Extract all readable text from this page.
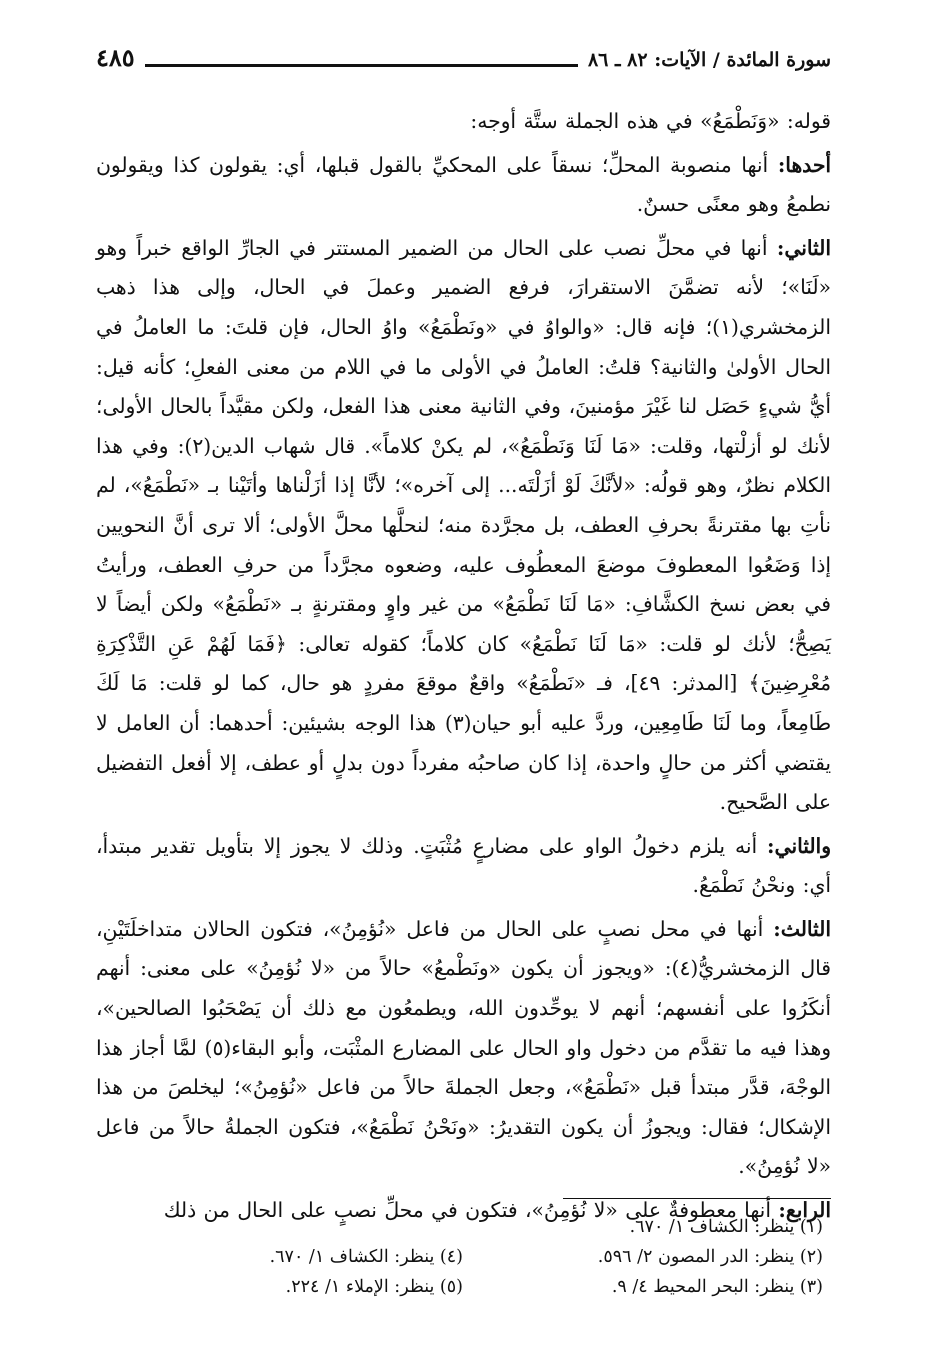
سورة المائدة / الآيات: ٨٢ ـ ٨٦
٤٨٥

قوله: «وَنَطْمَعُ» في هذه الجملة ستَّة أوجه:

أحدها: أنها منصوبة المحلِّ؛ نسقاً على المحكيِّ بالقول قبلها، أي: يقولون كذا ويقولون نطمعُ وهو معنًى حسنٌ.

الثاني: أنها في محلِّ نصب على الحال من الضمير المستتر في الجارِّ الواقع خبراً وهو «لَنَا»؛ لأنه تضمَّنَ الاستقرارَ، فرفع الضمير وعملَ في الحال، وإلى هذا ذهب الزمخشري(١)؛ فإنه قال: «والواوُ في «ونَطْمَعُ» واوُ الحال، فإن قلتَ: ما العاملُ في الحال الأولىٰ والثانية؟ قلتُ: العاملُ في الأولى ما في اللام من معنى الفعلِ؛ كأنه قيل: أيُّ شيءٍ حَصَل لنا غَيْرَ مؤمنينَ، وفي الثانية معنى هذا الفعل، ولكن مقيَّداً بالحال الأولى؛ لأنك لو أزلْتها، وقلت: «مَا لَنَا وَنَطْمَعُ»، لم يكنْ كلاماً». قال شهاب الدين(٢): وفي هذا الكلام نظرٌ، وهو قولُه: «لأنَّكَ لَوْ أزَلْتَه... إلى آخره»؛ لأنَّا إذا أزَلْناها وأتَيْنا بـ «نَطْمَعُ»، لم نأتِ بها مقترنةً بحرفِ العطف، بل مجرَّدة منه؛ لنحلَّها محلَّ الأولى؛ ألا ترى أنَّ النحويين إذا وَضَعُوا المعطوفَ موضعَ المعطُوف عليه، وضعوه مجرَّداً من حرفِ العطف، ورأيتُ في بعض نسخ الكشَّافِ: «مَا لَنَا نَطْمَعُ» من غير واوٍ ومقترنةٍ بـ «نَطْمَعُ» ولكن أيضاً لا يَصِحُّ؛ لأنك لو قلت: «مَا لَنَا نَطْمَعُ» كان كلاماً؛ كقوله تعالى: ﴿فَمَا لَهُمْ عَنِ التَّذْكِرَةِ مُعْرِضِينَ﴾ [المدثر: ٤٩]، فـ «نَطْمَعُ» واقعٌ موقعَ مفردٍ هو حال، كما لو قلت: مَا لَكَ طَامِعاً، وما لَنَا طَامِعِين، وردَّ عليه أبو حيان(٣) هذا الوجه بشيئين: أحدهما: أن العامل لا يقتضي أكثر من حالٍ واحدة، إذا كان صاحبُه مفرداً دون بدلٍ أو عطف، إلا أفعل التفضيل على الصَّحيح.

والثاني: أنه يلزم دخولُ الواو على مضارعٍ مُثْبَتٍ. وذلك لا يجوز إلا بتأويل تقدير مبتدأ، أي: ونحْنُ نَطْمَعُ.

الثالث: أنها في محل نصبٍ على الحال من فاعل «نُؤمِنُ»، فتكون الحالان متداخلَتَيْنِ، قال الزمخشريُّ(٤): «ويجوز أن يكون «ونَطْمعُ» حالاً من «لا نُؤمِنُ» على معنى: أنهم أنكَرُوا على أنفسهم؛ أنهم لا يوحِّدون الله، ويطمعُون مع ذلك أن يَصْحَبُوا الصالحين»، وهذا فيه ما تقدَّم من دخول واو الحال على المضارع المثْبَت، وأبو البقاء(٥) لمَّا أجاز هذا الوجْهَ، قدَّر مبتدأ قبل «نَطْمَعُ»، وجعل الجملةَ حالاً من فاعل «نُؤمِنُ»؛ ليخلصَ من هذا الإشكال؛ فقال: ويجوزُ أن يكون التقديرُ: «ونَحْنُ نَطْمَعُ»، فتكون الجملةُ حالاً من فاعل «لا نُؤمِنُ».

الرابع: أنها معطوفةٌ على «لا نُؤمِنُ»، فتكون في محلِّ نصبٍ على الحال من ذلك

(١) ينظر: الكشاف ١/ ٦٧٠.
(٢) ينظر: الدر المصون ٢/ ٥٩٦.
(٤) ينظر: الكشاف ١/ ٦٧٠.
(٣) ينظر: البحر المحيط ٤/ ٩.
(٥) ينظر: الإملاء ١/ ٢٢٤.
